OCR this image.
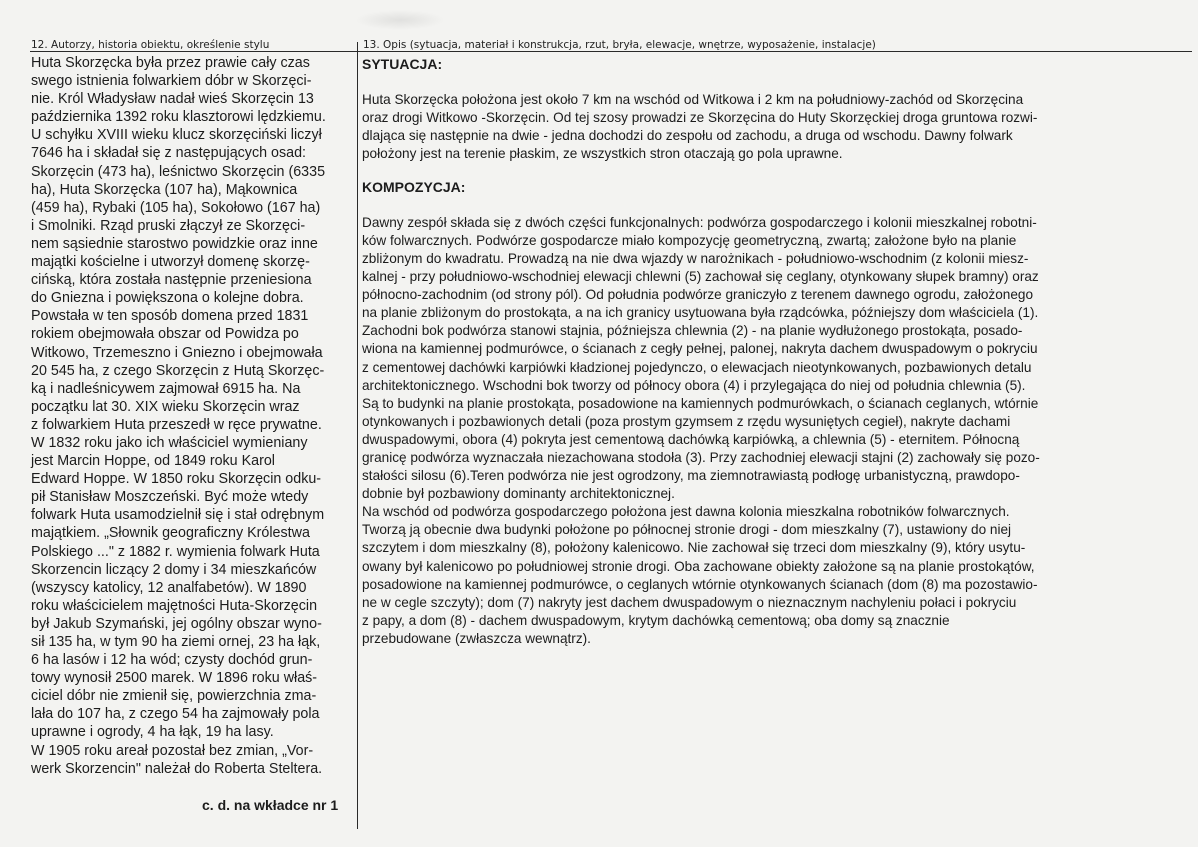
12. Autorzy, historia obiektu, określenie stylu	13. Opis (sytuacja, materiał i konstrukcja, rzut, bryła, elewacje, wnętrze, wyposażenie, instalacje)
Huta Skorzęcka była przez prawie cały czas
swego istnienia folwarkiem dóbr w Skorzęci-
nie. Król Władysław nadał wieś Skorzęcin 13
października 1392 roku klasztorowi lędzkiemu.
U schyłku XVIII wieku klucz skorzęciński liczył
7646 ha i składał się z następujących osad:
Skorzęcin (473 ha), leśnictwo Skorzęcin (6335
ha), Huta Skorzęcka (107 ha), Mąkownica
(459 ha), Rybaki (105 ha), Sokołowo (167 ha)
i Smolniki. Rząd pruski złączył ze Skorzęci-
nem sąsiednie starostwo powidzkie oraz inne
majątki kościelne i utworzył domenę skorzę-
cińską, która została następnie przeniesiona
do Gniezna i powiększona o kolejne dobra.
Powstała w ten sposób domena przed 1831
rokiem obejmowała obszar od Powidza po
Witkowo, Trzemeszno i Gniezno i obejmowała
20 545 ha, z czego Skorzęcin z Hutą Skorzęc-
ką i nadleśnicywem zajmował 6915 ha. Na
początku lat 30. XIX wieku Skorzęcin wraz
z folwarkiem Huta przeszedł w ręce prywatne.
W 1832 roku jako ich właściciel wymieniany
jest Marcin Hoppe, od 1849 roku Karol
Edward Hoppe. W 1850 roku Skorzęcin odku-
pił Stanisław Moszczeński. Być może wtedy
folwark Huta usamodzielnił się i stał odrębnym
majątkiem. „Słownik geograficzny Królestwa
Polskiego ..." z 1882 r. wymienia folwark Huta
Skorzencin liczący 2 domy i 34 mieszkańców
(wszyscy katolicy, 12 analfabetów). W 1890
roku właścicielem majętności Huta-Skorzęcin
był Jakub Szymański, jej ogólny obszar wyno-
sił 135 ha, w tym 90 ha ziemi ornej, 23 ha łąk,
6 ha lasów i 12 ha wód; czysty dochód grun-
towy wynosił 2500 marek. W 1896 roku właś-
ciciel dóbr nie zmienił się, powierzchnia zma-
lała do 107 ha, z czego 54 ha zajmowały pola
uprawne i ogrody, 4 ha łąk, 19 ha lasy.
W 1905 roku areał pozostał bez zmian, „Vor-
werk Skorzencin" należał do Roberta Steltera.
c. d. na wkładce nr 1
SYTUACJA:
Huta Skorzęcka położona jest około 7 km na wschód od Witkowa i 2 km na południowy-zachód od Skorzęcina
oraz drogi Witkowo -Skorzęcin. Od tej szosy prowadzi ze Skorzęcina do Huty Skorzęckiej droga gruntowa rozwi-
dlająca się następnie na dwie - jedna dochodzi do zespołu od zachodu, a druga od wschodu. Dawny folwark
położony jest na terenie płaskim, ze wszystkich stron otaczają go pola uprawne.
KOMPOZYCJA:
Dawny zespół składa się z dwóch części funkcjonalnych: podwórza gospodarczego i kolonii mieszkalnej robotni-
ków folwarcznych. Podwórze gospodarcze miało kompozycję geometryczną, zwartą; założone było na planie
zbliżonym do kwadratu. Prowadzą na nie dwa wjazdy w narożnikach - południowo-wschodnim (z kolonii miesz-
kalnej - przy południowo-wschodniej elewacji chlewni (5) zachował się ceglany, otynkowany słupek bramny) oraz
północno-zachodnim (od strony pól). Od południa podwórze graniczyło z terenem dawnego ogrodu, założonego
na planie zbliżonym do prostokąta, a na ich granicy usytuowana była rządcówka, późniejszy dom właściciela (1).
Zachodni bok podwórza stanowi stajnia, późniejsza chlewnia (2) - na planie wydłużonego prostokąta, posado-
wiona na kamiennej podmurówce, o ścianach z cegły pełnej, palonej, nakryta dachem dwuspadowym o pokryciu
z cementowej dachówki karpiówki kładzionej pojedynczo, o elewacjach nieotynkowanych, pozbawionych detalu
architektonicznego. Wschodni bok tworzy od północy obora (4) i przylegająca do niej od południa chlewnia (5).
Są to budynki na planie prostokąta, posadowione na kamiennych podmurówkach, o ścianach ceglanych, wtórnie
otynkowanych i pozbawionych detali (poza prostym gzymsem z rzędu wysuniętych cegieł), nakryte dachami
dwuspadowymi, obora (4) pokryta jest cementową dachówką karpiówką, a chlewnia (5) - eternitem. Północną
granicę podwórza wyznaczała niezachowana stodoła (3). Przy zachodniej elewacji stajni (2) zachowały się pozo-
stałości silosu (6).Teren podwórza nie jest ogrodzony, ma ziemnotrawiastą podłogę urbanistyczną, prawdopo-
dobnie był pozbawiony dominanty architektonicznej.
Na wschód od podwórza gospodarczego położona jest dawna kolonia mieszkalna robotników folwarcznych.
Tworzą ją obecnie dwa budynki położone po północnej stronie drogi - dom mieszkalny (7), ustawiony do niej
szczytem i dom mieszkalny (8), położony kalenicowo. Nie zachował się trzeci dom mieszkalny (9), który usytu-
owany był kalenicowo po południowej stronie drogi. Oba zachowane obiekty założone są na planie prostokątów,
posadowione na kamiennej podmurówce, o ceglanych wtórnie otynkowanych ścianach (dom (8) ma pozostawio-
ne w cegle szczyty); dom (7) nakryty jest dachem dwuspadowym o nieznacznym nachyleniu połaci i pokryciu
z papy, a dom (8) - dachem dwuspadowym, krytym dachówką cementową; oba domy są znacznie
przebudowane (zwłaszcza wewnątrz).
